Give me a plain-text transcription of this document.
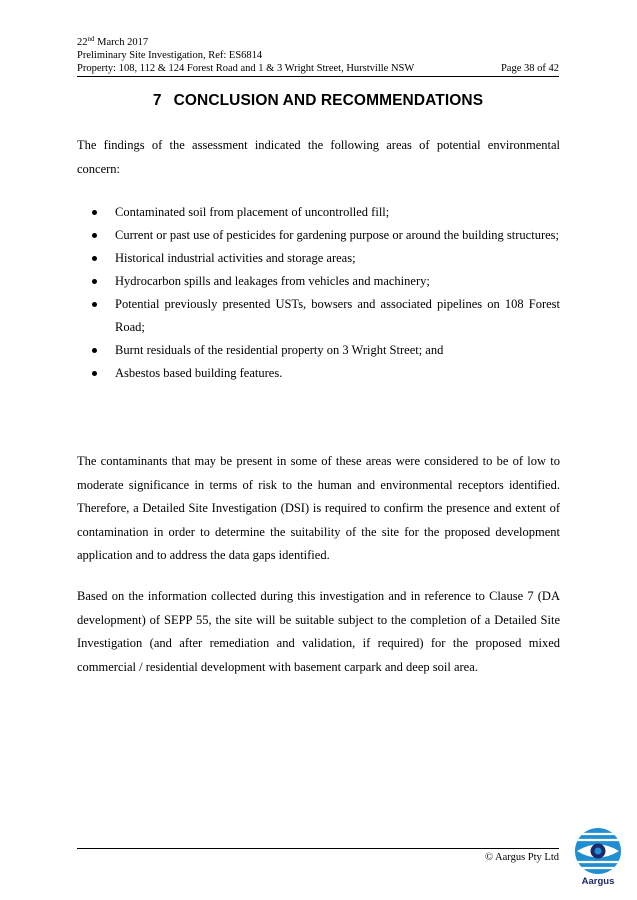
22nd March 2017
Preliminary Site Investigation, Ref: ES6814
Property: 108, 112 & 124 Forest Road and 1 & 3 Wright Street, Hurstville NSW	Page 38 of 42
7 CONCLUSION AND RECOMMENDATIONS

The findings of the assessment indicated the following areas of potential environmental concern:

Contaminated soil from placement of uncontrolled fill;
Current or past use of pesticides for gardening purpose or around the building structures;
Historical industrial activities and storage areas;
Hydrocarbon spills and leakages from vehicles and machinery;
Potential previously presented USTs, bowsers and associated pipelines on 108 Forest Road;
Burnt residuals of the residential property on 3 Wright Street; and
Asbestos based building features.

The contaminants that may be present in some of these areas were considered to be of low to moderate significance in terms of risk to the human and environmental receptors identified. Therefore, a Detailed Site Investigation (DSI) is required to confirm the presence and extent of contamination in order to determine the suitability of the site for the proposed development application and to address the data gaps identified.

Based on the information collected during this investigation and in reference to Clause 7 (DA development) of SEPP 55, the site will be suitable subject to the completion of a Detailed Site Investigation (and after remediation and validation, if required) for the proposed mixed commercial / residential development with basement carpark and deep soil area.

© Aargus Pty Ltd
Aargus
